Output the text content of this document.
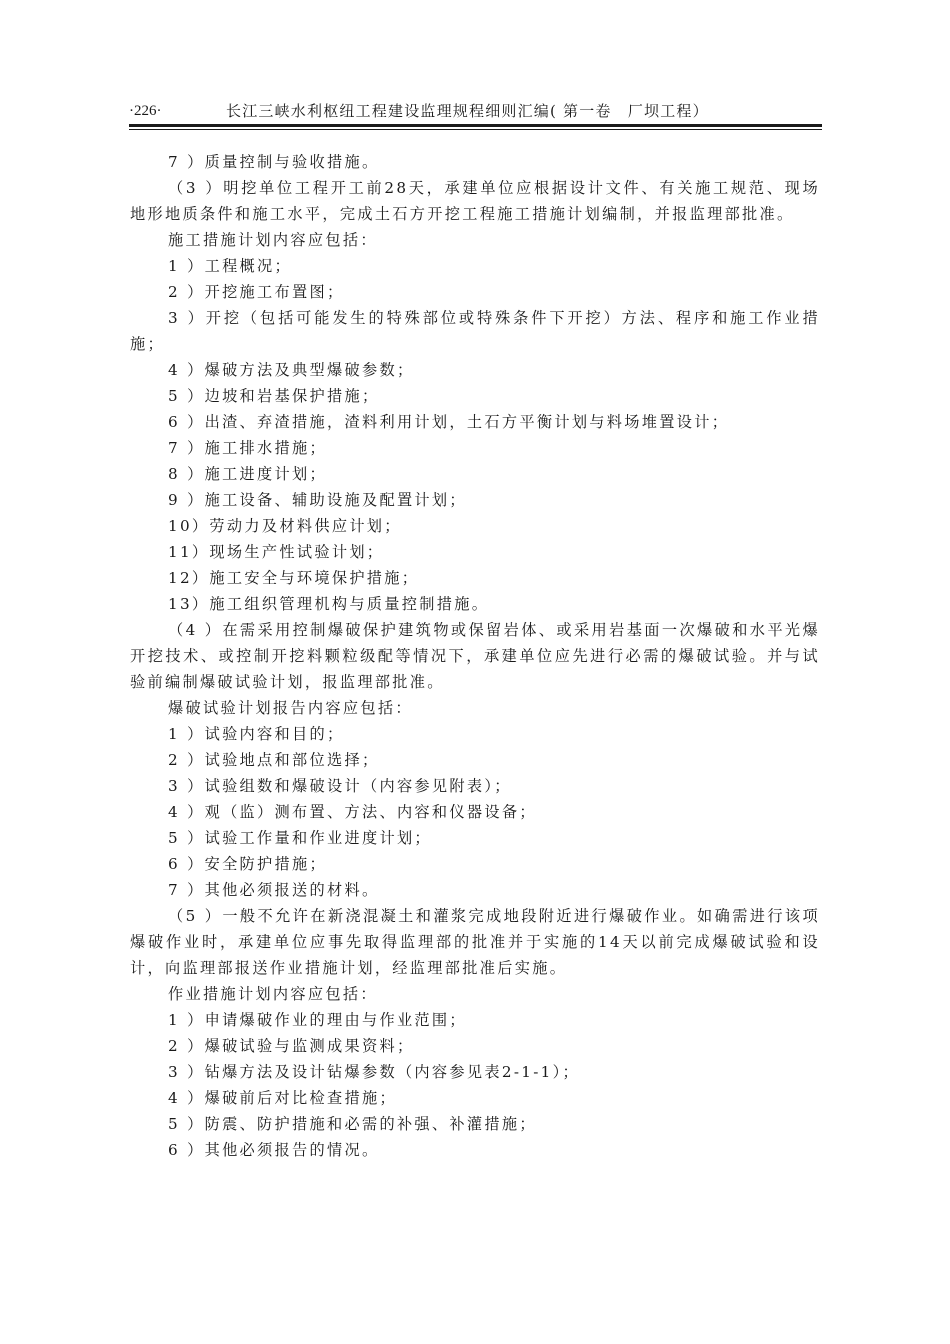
·226·	长江三峡水利枢纽工程建设监理规程细则汇编( 第一卷　厂坝工程）

7 ）质量控制与验收措施。

（3 ）明挖单位工程开工前28天，承建单位应根据设计文件、有关施工规范、现场地形地质条件和施工水平，完成土石方开挖工程施工措施计划编制，并报监理部批准。

施工措施计划内容应包括：

1 ）工程概况；

2 ）开挖施工布置图；

3 ）开挖（包括可能发生的特殊部位或特殊条件下开挖）方法、程序和施工作业措施；

4 ）爆破方法及典型爆破参数；

5 ）边坡和岩基保护措施；

6 ）出渣、弃渣措施，渣料利用计划，土石方平衡计划与料场堆置设计；

7 ）施工排水措施；

8 ）施工进度计划；

9 ）施工设备、辅助设施及配置计划；

10）劳动力及材料供应计划；

11）现场生产性试验计划；

12）施工安全与环境保护措施；

13）施工组织管理机构与质量控制措施。

（4 ）在需采用控制爆破保护建筑物或保留岩体、或采用岩基面一次爆破和水平光爆开挖技术、或控制开挖料颗粒级配等情况下，承建单位应先进行必需的爆破试验。并与试验前编制爆破试验计划，报监理部批准。

爆破试验计划报告内容应包括：

1 ）试验内容和目的；

2 ）试验地点和部位选择；

3 ）试验组数和爆破设计（内容参见附表）；

4 ）观（监）测布置、方法、内容和仪器设备；

5 ）试验工作量和作业进度计划；

6 ）安全防护措施；

7 ）其他必须报送的材料。

（5 ）一般不允许在新浇混凝土和灌浆完成地段附近进行爆破作业。如确需进行该项爆破作业时，承建单位应事先取得监理部的批准并于实施的14天以前完成爆破试验和设计，向监理部报送作业措施计划，经监理部批准后实施。

作业措施计划内容应包括：

1 ）申请爆破作业的理由与作业范围；

2 ）爆破试验与监测成果资料；

3 ）钻爆方法及设计钻爆参数（内容参见表2-1-1）；

4 ）爆破前后对比检查措施；

5 ）防震、防护措施和必需的补强、补灌措施；

6 ）其他必须报告的情况。
